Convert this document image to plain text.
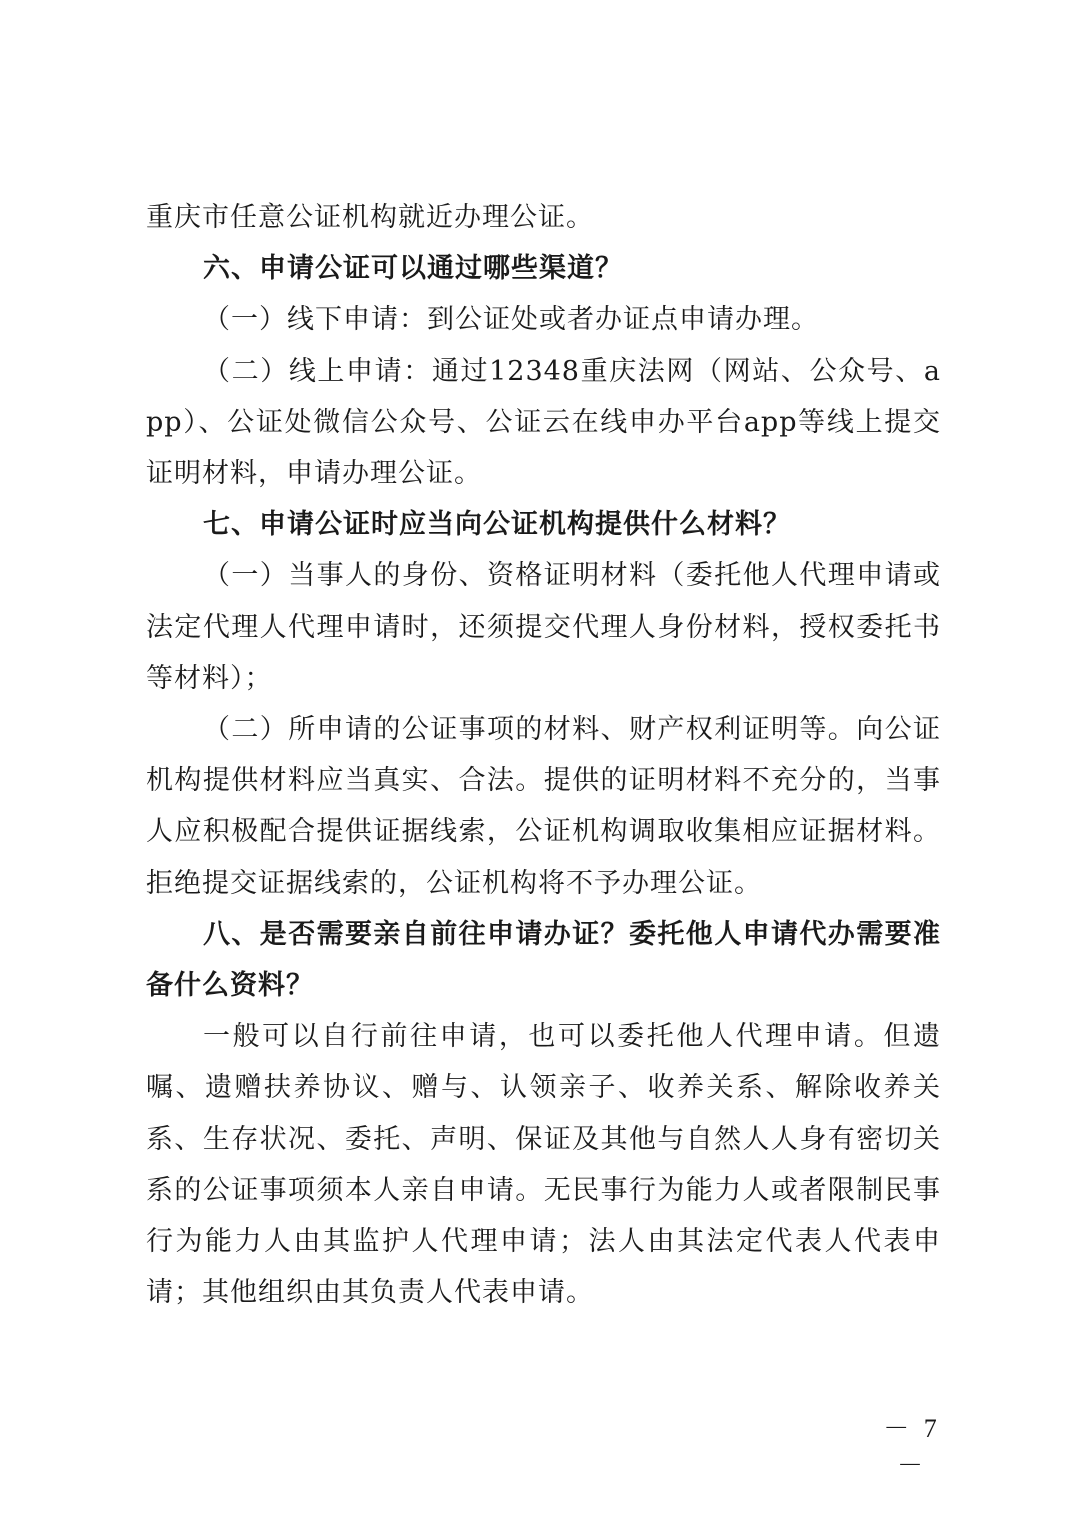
重庆市任意公证机构就近办理公证。

六、申请公证可以通过哪些渠道？

（一）线下申请：到公证处或者办证点申请办理。

（二）线上申请：通过12348重庆法网（网站、公众号、app）、公证处微信公众号、公证云在线申办平台app等线上提交证明材料，申请办理公证。

七、申请公证时应当向公证机构提供什么材料？

（一）当事人的身份、资格证明材料（委托他人代理申请或法定代理人代理申请时，还须提交代理人身份材料，授权委托书等材料）；

（二）所申请的公证事项的材料、财产权利证明等。向公证机构提供材料应当真实、合法。提供的证明材料不充分的，当事人应积极配合提供证据线索，公证机构调取收集相应证据材料。拒绝提交证据线索的，公证机构将不予办理公证。

八、是否需要亲自前往申请办证？委托他人申请代办需要准备什么资料？

一般可以自行前往申请，也可以委托他人代理申请。但遗嘱、遗赠扶养协议、赠与、认领亲子、收养关系、解除收养关系、生存状况、委托、声明、保证及其他与自然人人身有密切关系的公证事项须本人亲自申请。无民事行为能力人或者限制民事行为能力人由其监护人代理申请；法人由其法定代表人代表申请；其他组织由其负责人代表申请。

－ 7 －
